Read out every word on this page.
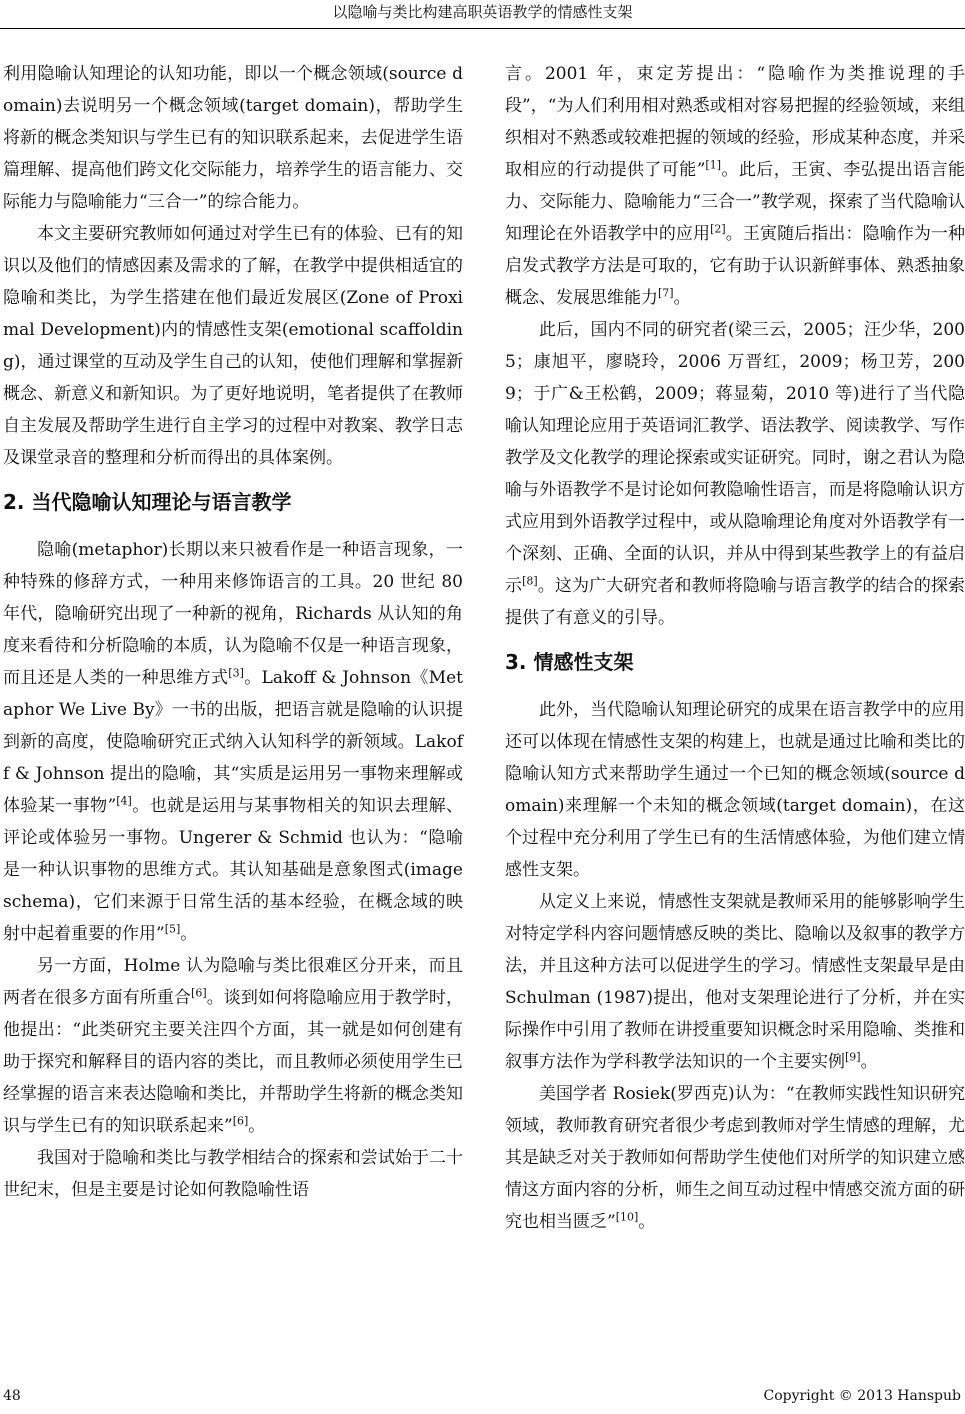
以隐喻与类比构建高职英语教学的情感性支架

利用隐喻认知理论的认知功能，即以一个概念领域(source domain)去说明另一个概念领域(target domain)，帮助学生将新的概念类知识与学生已有的知识联系起来，去促进学生语篇理解、提高他们跨文化交际能力，培养学生的语言能力、交际能力与隐喻能力“三合一”的综合能力。

本文主要研究教师如何通过对学生已有的体验、已有的知识以及他们的情感因素及需求的了解，在教学中提供相适宜的隐喻和类比，为学生搭建在他们最近发展区(Zone of Proximal Development)内的情感性支架(emotional scaffolding)，通过课堂的互动及学生自己的认知，使他们理解和掌握新概念、新意义和新知识。为了更好地说明，笔者提供了在教师自主发展及帮助学生进行自主学习的过程中对教案、教学日志及课堂录音的整理和分析而得出的具体案例。

2. 当代隐喻认知理论与语言教学

隐喻(metaphor)长期以来只被看作是一种语言现象，一种特殊的修辞方式，一种用来修饰语言的工具。20 世纪 80 年代，隐喻研究出现了一种新的视角，Richards 从认知的角度来看待和分析隐喻的本质，认为隐喻不仅是一种语言现象，而且还是人类的一种思维方式[3]。Lakoff & Johnson《Metaphor We Live By》一书的出版，把语言就是隐喻的认识提到新的高度，使隐喻研究正式纳入认知科学的新领域。Lakoff & Johnson 提出的隐喻，其“实质是运用另一事物来理解或体验某一事物”[4]。也就是运用与某事物相关的知识去理解、评论或体验另一事物。Ungerer & Schmid 也认为：“隐喻是一种认识事物的思维方式。其认知基础是意象图式(image schema)，它们来源于日常生活的基本经验，在概念域的映射中起着重要的作用”[5]。

另一方面，Holme 认为隐喻与类比很难区分开来，而且两者在很多方面有所重合[6]。谈到如何将隐喻应用于教学时，他提出：“此类研究主要关注四个方面，其一就是如何创建有助于探究和解释目的语内容的类比，而且教师必须使用学生已经掌握的语言来表达隐喻和类比，并帮助学生将新的概念类知识与学生已有的知识联系起来”[6]。

我国对于隐喻和类比与教学相结合的探索和尝试始于二十世纪末，但是主要是讨论如何教隐喻性语

言。2001 年，束定芳提出：“隐喻作为类推说理的手段”，“为人们利用相对熟悉或相对容易把握的经验领域，来组织相对不熟悉或较难把握的领域的经验，形成某种态度，并采取相应的行动提供了可能”[1]。此后，王寅、李弘提出语言能力、交际能力、隐喻能力“三合一”教学观，探索了当代隐喻认知理论在外语教学中的应用[2]。王寅随后指出：隐喻作为一种启发式教学方法是可取的，它有助于认识新鲜事体、熟悉抽象概念、发展思维能力[7]。

此后，国内不同的研究者(梁三云，2005；汪少华，2005；康旭平，廖晓玲，2006 万晋红，2009；杨卫芳，2009；于广&王松鹤，2009；蒋显菊，2010 等)进行了当代隐喻认知理论应用于英语词汇教学、语法教学、阅读教学、写作教学及文化教学的理论探索或实证研究。同时，谢之君认为隐喻与外语教学不是讨论如何教隐喻性语言，而是将隐喻认识方式应用到外语教学过程中，或从隐喻理论角度对外语教学有一个深刻、正确、全面的认识，并从中得到某些教学上的有益启示[8]。这为广大研究者和教师将隐喻与语言教学的结合的探索提供了有意义的引导。

3. 情感性支架

此外，当代隐喻认知理论研究的成果在语言教学中的应用还可以体现在情感性支架的构建上，也就是通过比喻和类比的隐喻认知方式来帮助学生通过一个已知的概念领域(source domain)来理解一个未知的概念领域(target domain)，在这个过程中充分利用了学生已有的生活情感体验，为他们建立情感性支架。

从定义上来说，情感性支架就是教师采用的能够影响学生对特定学科内容问题情感反映的类比、隐喻以及叙事的教学方法，并且这种方法可以促进学生的学习。情感性支架最早是由 Schulman (1987)提出，他对支架理论进行了分析，并在实际操作中引用了教师在讲授重要知识概念时采用隐喻、类推和叙事方法作为学科教学法知识的一个主要实例[9]。

美国学者 Rosiek(罗西克)认为：“在教师实践性知识研究领域，教师教育研究者很少考虑到教师对学生情感的理解，尤其是缺乏对关于教师如何帮助学生使他们对所学的知识建立感情这方面内容的分析，师生之间互动过程中情感交流方面的研究也相当匮乏”[10]。

48	Copyright © 2013 Hanspub
